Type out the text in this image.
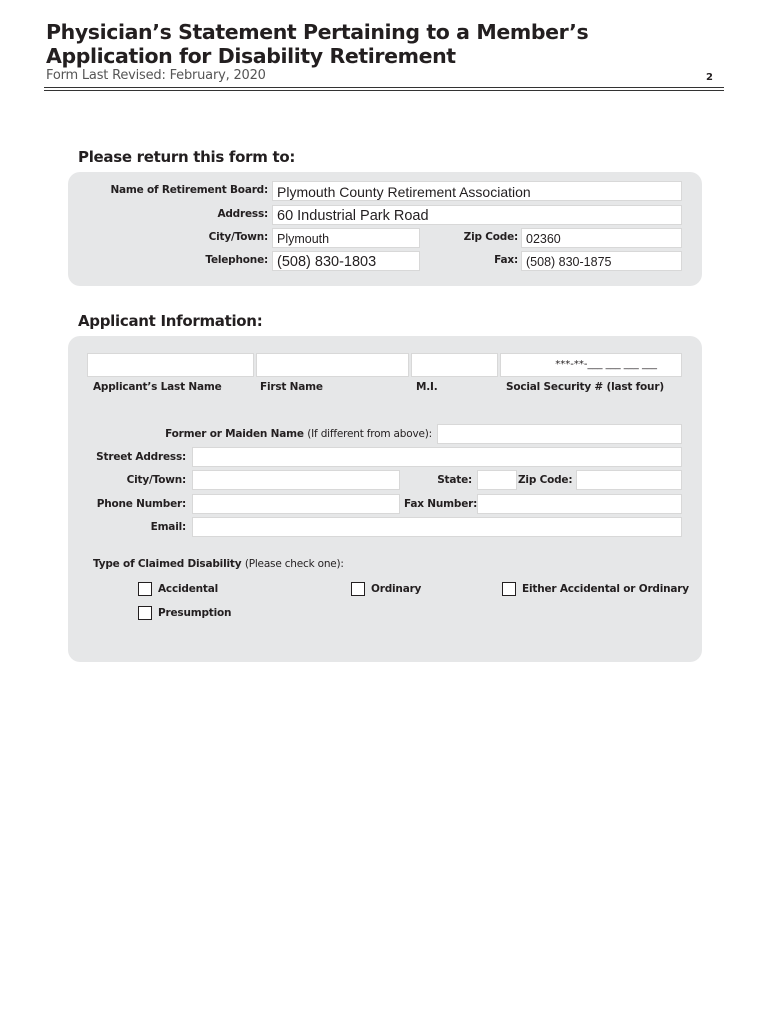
Physician’s Statement Pertaining to a Member’s Application for Disability Retirement
Form Last Revised: February, 2020	2
Please return this form to:
Name of Retirement Board: Plymouth County Retirement Association
Address: 60 Industrial Park Road
City/Town: Plymouth	Zip Code: 02360
Telephone: (508) 830-1803	Fax: (508) 830-1875
Applicant Information:
***-**-___ ___ ___ ___
Applicant’s Last Name	First Name	M.I.	Social Security # (last four)
Former or Maiden Name (If different from above):
Street Address:
City/Town:	State:	Zip Code:
Phone Number:	Fax Number:
Email:
Type of Claimed Disability (Please check one):
Accidental	Ordinary	Either Accidental or Ordinary
Presumption
